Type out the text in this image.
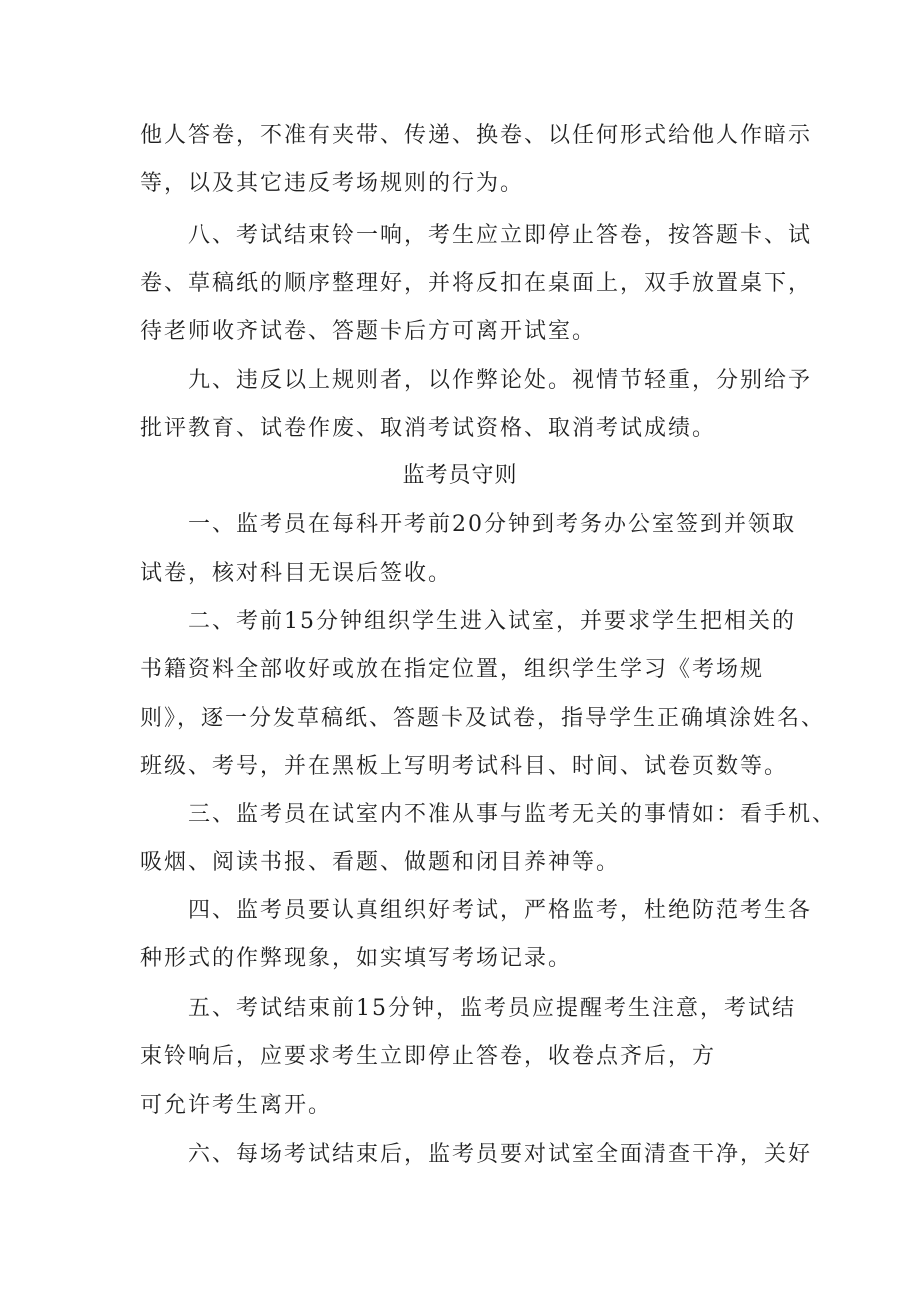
他人答卷，不准有夹带、传递、换卷、以任何形式给他人作暗示
等，以及其它违反考场规则的行为。
八、考试结束铃一响，考生应立即停止答卷，按答题卡、试
卷、草稿纸的顺序整理好，并将反扣在桌面上，双手放置桌下，
待老师收齐试卷、答题卡后方可离开试室。
九、违反以上规则者，以作弊论处。视情节轻重，分别给予
批评教育、试卷作废、取消考试资格、取消考试成绩。
监考员守则
一、监考员在每科开考前20分钟到考务办公室签到并领取
试卷，核对科目无误后签收。
二、考前15分钟组织学生进入试室，并要求学生把相关的
书籍资料全部收好或放在指定位置，组织学生学习《考场规
则》，逐一分发草稿纸、答题卡及试卷，指导学生正确填涂姓名、
班级、考号，并在黑板上写明考试科目、时间、试卷页数等。
三、监考员在试室内不准从事与监考无关的事情如：看手机、
吸烟、阅读书报、看题、做题和闭目养神等。
四、监考员要认真组织好考试，严格监考，杜绝防范考生各
种形式的作弊现象，如实填写考场记录。
五、考试结束前15分钟，监考员应提醒考生注意，考试结
束铃响后，应要求考生立即停止答卷，收卷点齐后，方
可允许考生离开。
六、每场考试结束后，监考员要对试室全面清查干净，关好
